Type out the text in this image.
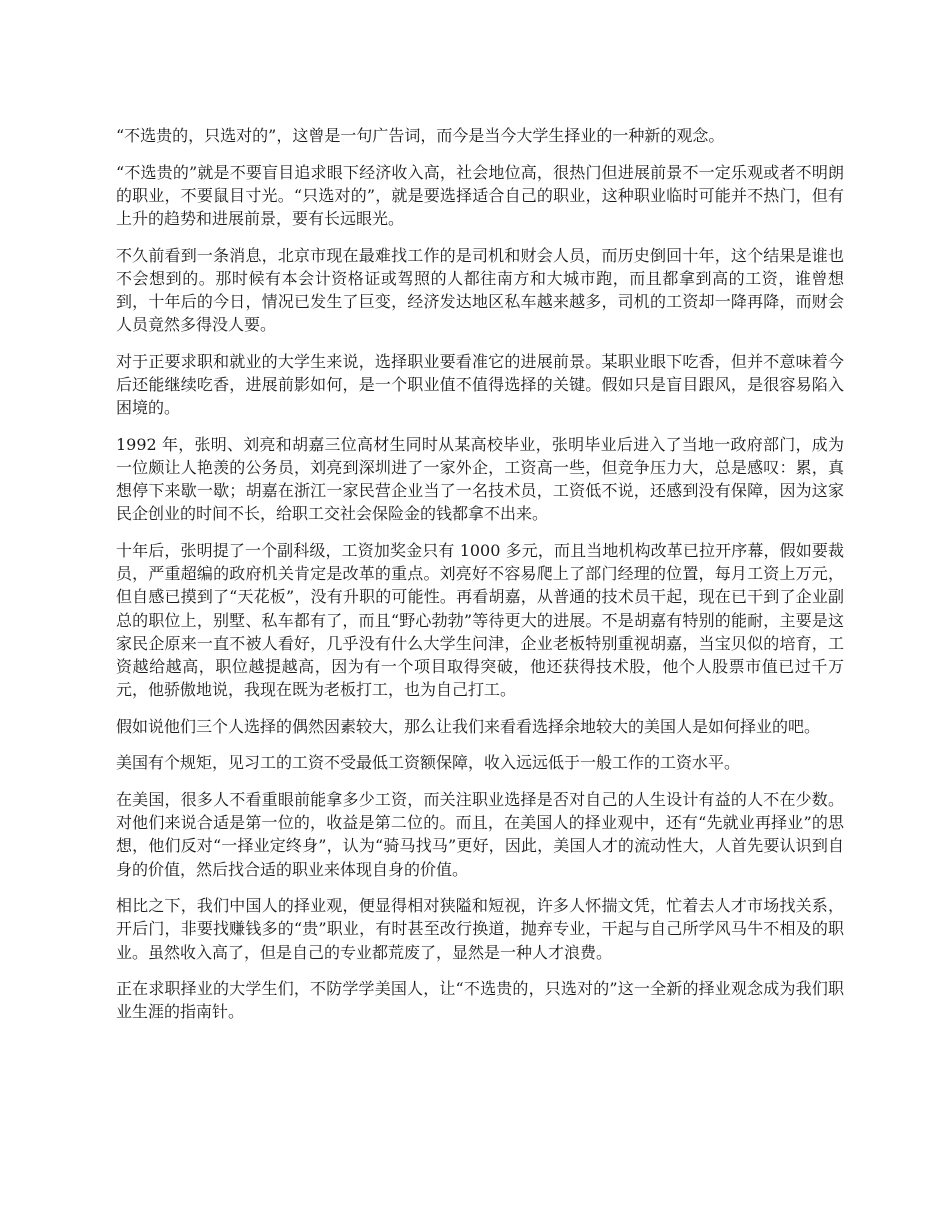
“不选贵的，只选对的”，这曾是一句广告词，而今是当今大学生择业的一种新的观念。

“不选贵的”就是不要盲目追求眼下经济收入高，社会地位高，很热门但进展前景不一定乐观或者不明朗的职业，不要鼠目寸光。“只选对的”，就是要选择适合自己的职业，这种职业临时可能并不热门，但有上升的趋势和进展前景，要有长远眼光。

不久前看到一条消息，北京市现在最难找工作的是司机和财会人员，而历史倒回十年，这个结果是谁也不会想到的。那时候有本会计资格证或驾照的人都往南方和大城市跑，而且都拿到高的工资，谁曾想到，十年后的今日，情况已发生了巨变，经济发达地区私车越来越多，司机的工资却一降再降，而财会人员竟然多得没人要。

对于正要求职和就业的大学生来说，选择职业要看准它的进展前景。某职业眼下吃香，但并不意味着今后还能继续吃香，进展前影如何，是一个职业值不值得选择的关键。假如只是盲目跟风，是很容易陷入困境的。

1992 年，张明、刘亮和胡嘉三位高材生同时从某高校毕业，张明毕业后进入了当地一政府部门，成为一位颇让人艳羡的公务员，刘亮到深圳进了一家外企，工资高一些，但竞争压力大，总是感叹：累，真想停下来歇一歇；胡嘉在浙江一家民营企业当了一名技术员，工资低不说，还感到没有保障，因为这家民企创业的时间不长，给职工交社会保险金的钱都拿不出来。

十年后，张明提了一个副科级，工资加奖金只有 1000 多元，而且当地机构改革已拉开序幕，假如要裁员，严重超编的政府机关肯定是改革的重点。刘亮好不容易爬上了部门经理的位置，每月工资上万元，但自感已摸到了“天花板”，没有升职的可能性。再看胡嘉，从普通的技术员干起，现在已干到了企业副总的职位上，别墅、私车都有了，而且“野心勃勃”等待更大的进展。不是胡嘉有特别的能耐，主要是这家民企原来一直不被人看好，几乎没有什么大学生问津，企业老板特别重视胡嘉，当宝贝似的培育，工资越给越高，职位越提越高，因为有一个项目取得突破，他还获得技术股，他个人股票市值已过千万元，他骄傲地说，我现在既为老板打工，也为自己打工。

假如说他们三个人选择的偶然因素较大，那么让我们来看看选择余地较大的美国人是如何择业的吧。

美国有个规矩，见习工的工资不受最低工资额保障，收入远远低于一般工作的工资水平。

在美国，很多人不看重眼前能拿多少工资，而关注职业选择是否对自己的人生设计有益的人不在少数。对他们来说合适是第一位的，收益是第二位的。而且，在美国人的择业观中，还有“先就业再择业”的思想，他们反对“一择业定终身”，认为“骑马找马”更好，因此，美国人才的流动性大，人首先要认识到自身的价值，然后找合适的职业来体现自身的价值。

相比之下，我们中国人的择业观，便显得相对狭隘和短视，许多人怀揣文凭，忙着去人才市场找关系，开后门，非要找赚钱多的“贵”职业，有时甚至改行换道，抛弃专业，干起与自己所学风马牛不相及的职业。虽然收入高了，但是自己的专业都荒废了，显然是一种人才浪费。

正在求职择业的大学生们，不防学学美国人，让“不选贵的，只选对的”这一全新的择业观念成为我们职业生涯的指南针。
